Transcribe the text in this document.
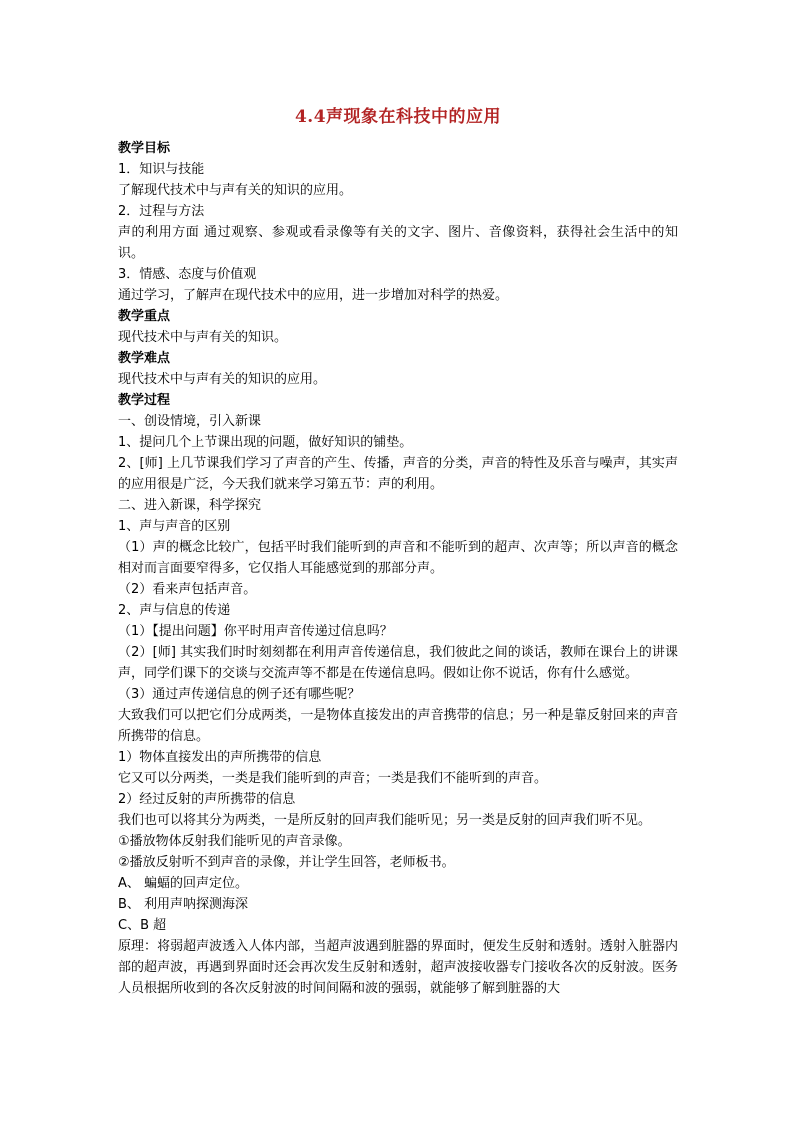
4.4声现象在科技中的应用
教学目标
1．知识与技能
了解现代技术中与声有关的知识的应用。
2．过程与方法
声的利用方面 通过观察、参观或看录像等有关的文字、图片、音像资料，获得社会生活中的知识。
3．情感、态度与价值观
通过学习，了解声在现代技术中的应用，进一步增加对科学的热爱。
教学重点
现代技术中与声有关的知识。
教学难点
现代技术中与声有关的知识的应用。
教学过程
一、创设情境，引入新课
1、提问几个上节课出现的问题，做好知识的铺垫。
2、[师] 上几节课我们学习了声音的产生、传播，声音的分类，声音的特性及乐音与噪声，其实声的应用很是广泛，今天我们就来学习第五节：声的利用。
二、进入新课，科学探究
1、声与声音的区别
（1）声的概念比较广，包括平时我们能听到的声音和不能听到的超声、次声等；所以声音的概念相对而言面要窄得多，它仅指人耳能感觉到的那部分声。
（2）看来声包括声音。
2、声与信息的传递
（1）【提出问题】你平时用声音传递过信息吗？
（2）[师] 其实我们时时刻刻都在利用声音传递信息，我们彼此之间的谈话，教师在课台上的讲课声，同学们课下的交谈与交流声等不都是在传递信息吗。假如让你不说话，你有什么感觉。
（3）通过声传递信息的例子还有哪些呢？
大致我们可以把它们分成两类，一是物体直接发出的声音携带的信息；另一种是靠反射回来的声音所携带的信息。
1）物体直接发出的声所携带的信息
它又可以分两类，一类是我们能听到的声音；一类是我们不能听到的声音。
2）经过反射的声所携带的信息
我们也可以将其分为两类，一是所反射的回声我们能听见；另一类是反射的回声我们听不见。
①播放物体反射我们能听见的声音录像。
②播放反射听不到声音的录像，并让学生回答，老师板书。
A、 蝙蝠的回声定位。
B、 利用声呐探测海深
C、B 超
原理：将弱超声波透入人体内部，当超声波遇到脏器的界面时，便发生反射和透射。透射入脏器内部的超声波，再遇到界面时还会再次发生反射和透射，超声波接收器专门接收各次的反射波。医务人员根据所收到的各次反射波的时间间隔和波的强弱，就能够了解到脏器的大
